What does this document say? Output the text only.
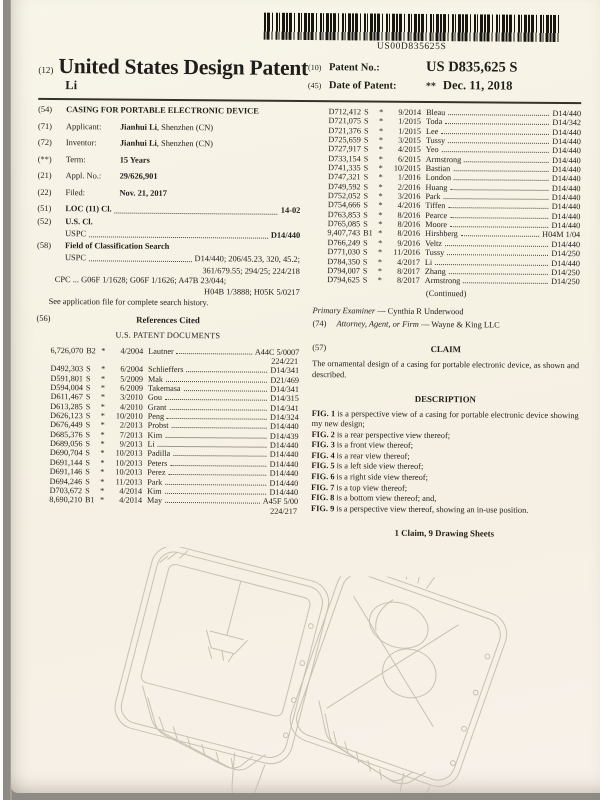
US00D835625S
(12) United States Design Patent
Li
(10) Patent No.:	US D835,625 S
(45) Date of Patent:	** Dec. 11, 2018
(54)	CASING FOR PORTABLE ELECTRONIC DEVICE
(71)	Applicant:	Jianhui Li, Shenzhen (CN)
(72)	Inventor:	Jianhui Li, Shenzhen (CN)
(**)	Term:	15 Years
(21)	Appl. No.:	29/626,901
(22)	Filed:	Nov. 21, 2017
(51)	LOC (11) Cl.	14-02
(52)	U.S. Cl.
USPC	D14/440
(58)	Field of Classification Search
USPC	D14/440; 206/45.23, 320, 45.2;
361/679.55; 294/25; 224/218
CPC ... G06F 1/1628; G06F 1/1626; A47B 23/044;
H04B 1/3888; H05K 5/0217
See application file for complete search history.
(56)	References Cited
U.S. PATENT DOCUMENTS
6,726,070 B2 *	4/2004 Lautner	A44C 5/0007
224/221
D492,303 S	*	6/2004 Schlieffers	D14/341
D591,801 S	*	5/2009 Mak	D21/469
D594,004 S	*	6/2009 Takemasa	D14/341
D611,467 S	*	3/2010 Gou	D14/315
D613,285 S	*	4/2010 Grant	D14/341
D626,123 S	*	10/2010 Peng	D14/324
D676,449 S	*	2/2013 Probst	D14/440
D685,376 S	*	7/2013 Kim	D14/439
D689,056 S	*	9/2013 Li	D14/440
D690,704 S	*	10/2013 Padilla	D14/440
D691,144 S	*	10/2013 Peters	D14/440
D691,146 S	*	10/2013 Perez	D14/440
D694,246 S	*	11/2013 Park	D14/440
D703,672 S	*	4/2014 Kim	D14/440
8,690,210 B1 *	4/2014 May	A45F 5/00
224/217
D712,412 S	*	9/2014 Bleau	D14/440
D721,075 S	*	1/2015 Toda	D14/342
D721,376 S	*	1/2015 Lee	D14/440
D725,659 S	*	3/2015 Tussy	D14/440
D727,917 S	*	4/2015 Yeo	D14/440
D733,154 S	*	6/2015 Armstrong	D14/440
D741,335 S	*	10/2015 Bastian	D14/440
D747,321 S	*	1/2016 London	D14/440
D749,592 S	*	2/2016 Huang	D14/440
D752,052 S	*	3/2016 Park	D14/440
D754,666 S	*	4/2016 Tiffen	D14/440
D763,853 S	*	8/2016 Pearce	D14/440
D765,085 S	*	8/2016 Moore	D14/440
9,407,743 B1 *	8/2016 Hirshberg	H04M 1/04
D766,249 S	*	9/2016 Veltz	D14/440
D771,030 S	*	11/2016 Tussy	D14/250
D784,350 S	*	4/2017 Li	D14/440
D794,007 S	*	8/2017 Zhang	D14/250
D794,625 S	*	8/2017 Armstrong	D14/250
(Continued)
Primary Examiner — Cynthia R Underwood
(74)	Attorney, Agent, or Firm — Wayne & King LLC
(57)	CLAIM
The ornamental design of a casing for portable electronic device, as shown and described.
DESCRIPTION
FIG. 1 is a perspective view of a casing for portable electronic device showing my new design;
FIG. 2 is a rear perspective view thereof;
FIG. 3 is a front view thereof;
FIG. 4 is a rear view thereof;
FIG. 5 is a left side view thereof;
FIG. 6 is a right side view thereof;
FIG. 7 is a top view thereof;
FIG. 8 is a bottom view thereof; and,
FIG. 9 is a perspective view thereof, showing an in-use position.
1 Claim, 9 Drawing Sheets
